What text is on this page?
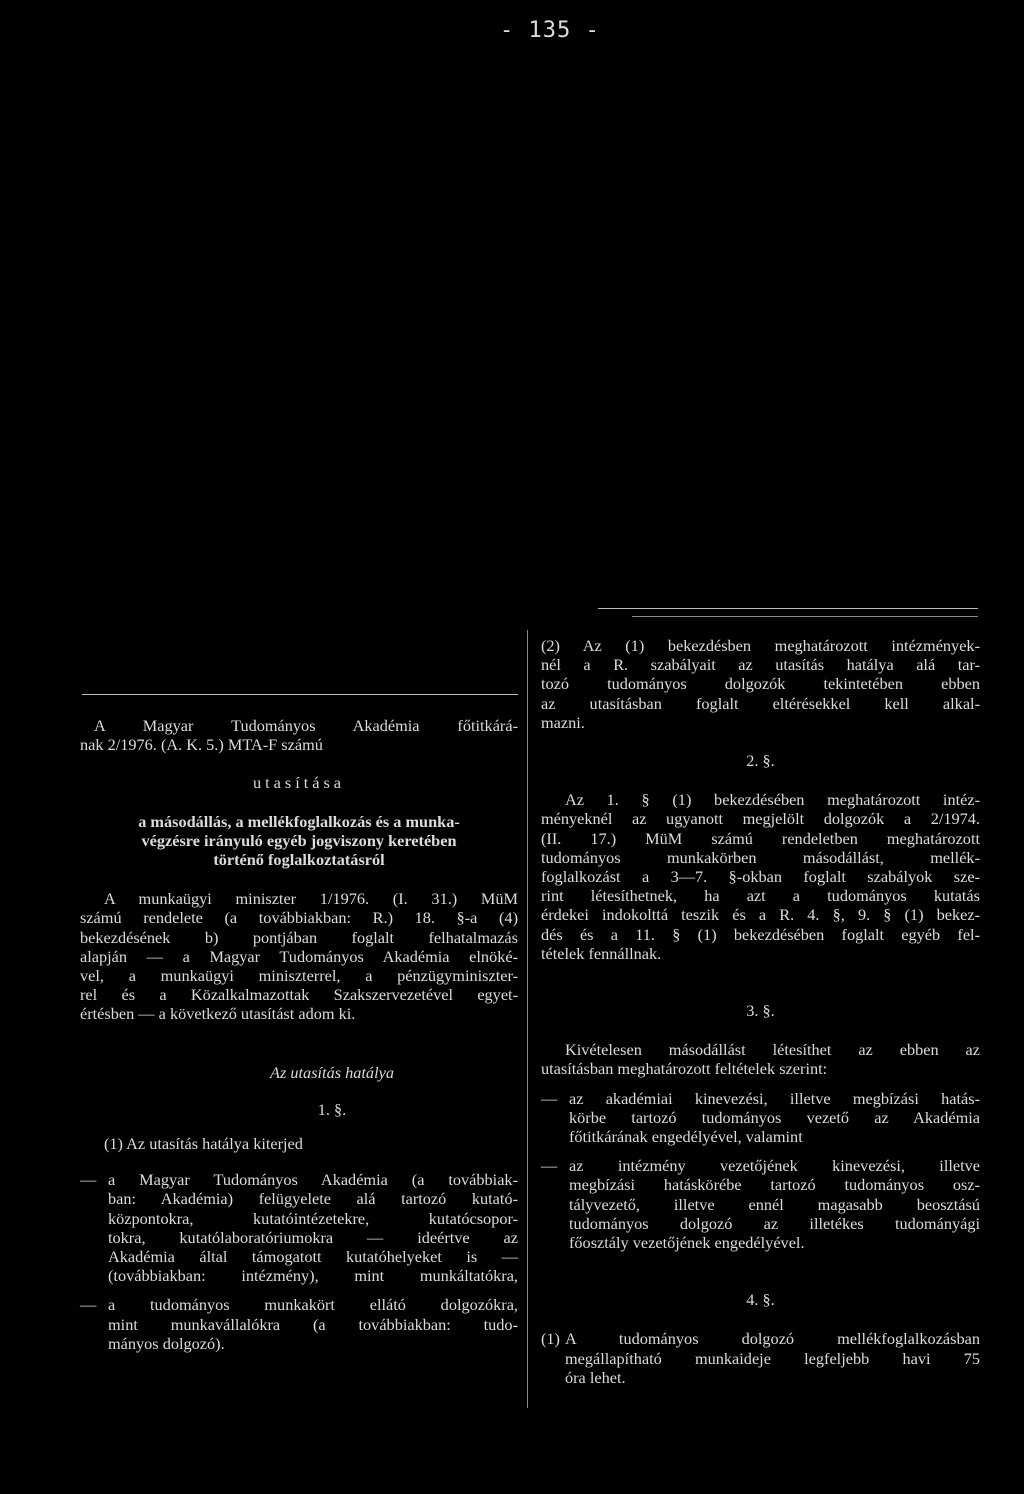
- 135 -

A Magyar Tudományos Akadémia főtitkárá-

nak 2/1976. (A. K. 5.) MTA-F számú

utasítása

a másodállás, a mellékfoglalkozás és a munka-

végzésre irányuló egyéb jogviszony keretében

történő foglalkoztatásról

A munkaügyi miniszter 1/1976. (I. 31.) MüM

számú rendelete (a továbbiakban: R.) 18. §-a (4)

bekezdésének b) pontjában foglalt felhatalmazás

alapján — a Magyar Tudományos Akadémia elnöké-

vel, a munkaügyi miniszterrel, a pénzügyminiszter-

rel és a Közalkalmazottak Szakszervezetével egyet-

értésben — a következő utasítást adom ki.

Az utasítás hatálya

1. §.

(1) Az utasítás hatálya kiterjed

— a Magyar Tudományos Akadémia (a továbbiak-

ban: Akadémia) felügyelete alá tartozó kutató-

központokra, kutatóintézetekre, kutatócsopor-

tokra, kutatólaboratóriumokra — ideértve az

Akadémia által támogatott kutatóhelyeket is —

(továbbiakban: intézmény), mint munkáltatókra,

— a tudományos munkakört ellátó dolgozókra,

mint munkavállalókra (a továbbiakban: tudo-

mányos dolgozó).

(2) Az (1) bekezdésben meghatározott intézmények-

nél a R. szabályait az utasítás hatálya alá tar-

tozó tudományos dolgozók tekintetében ebben

az utasításban foglalt eltérésekkel kell alkal-

mazni.

2. §.

Az 1. § (1) bekezdésében meghatározott intéz-

ményeknél az ugyanott megjelölt dolgozók a 2/1974.

(II. 17.) MüM számú rendeletben meghatározott

tudományos munkakörben másodállást, mellék-

foglalkozást a 3—7. §-okban foglalt szabályok sze-

rint létesíthetnek, ha azt a tudományos kutatás

érdekei indokolttá teszik és a R. 4. §, 9. § (1) bekez-

dés és a 11. § (1) bekezdésében foglalt egyéb fel-

tételek fennállnak.

3. §.

Kivételesen másodállást létesíthet az ebben az

utasításban meghatározott feltételek szerint:

— az akadémiai kinevezési, illetve megbízási hatás-

körbe tartozó tudományos vezető az Akadémia

főtitkárának engedélyével, valamint

— az intézmény vezetőjének kinevezési, illetve

megbízási hatáskörébe tartozó tudományos osz-

tályvezető, illetve ennél magasabb beosztású

tudományos dolgozó az illetékes tudományági

főosztály vezetőjének engedélyével.

4. §.

(1) A tudományos dolgozó mellékfoglalkozásban

megállapítható munkaideje legfeljebb havi 75

óra lehet.
